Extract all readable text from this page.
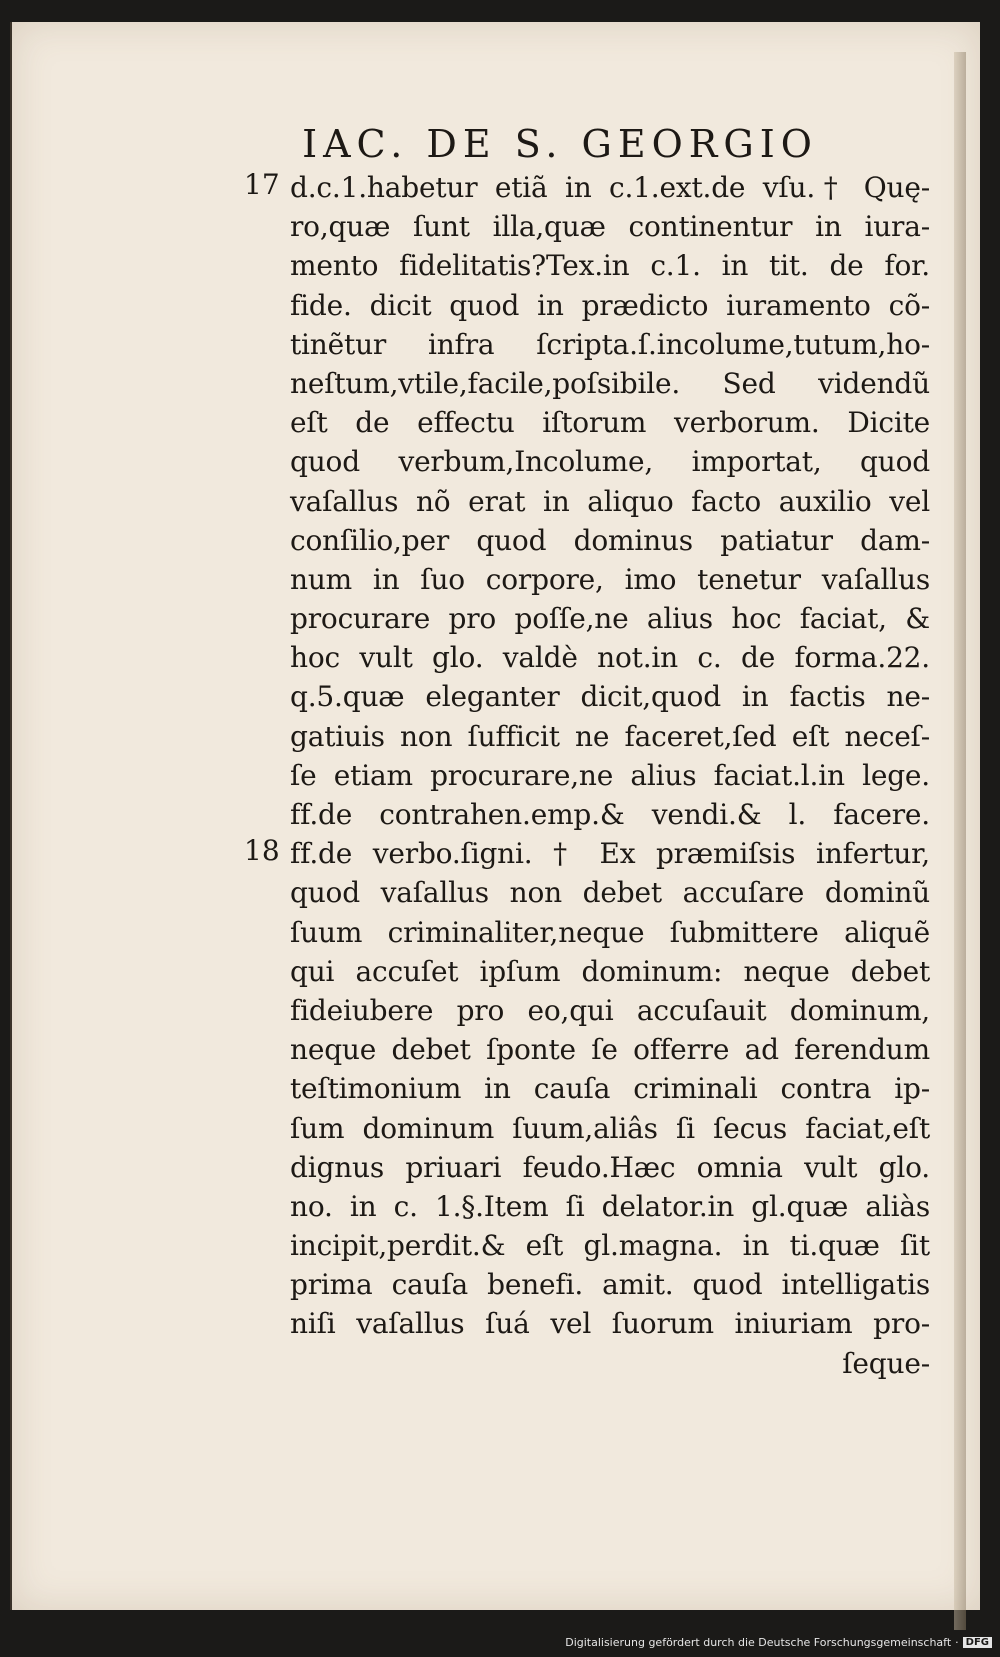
IAC. DE S. GEORGIO
17
18
d.c.1.habetur etiã in c.1.ext.de vſu.† Quę-
ro,quæ ſunt illa,quæ continentur in iura-
mento fidelitatis?Tex.in c.1. in tit. de for.
fide. dicit quod in prædicto iuramento cõ-
tinẽtur infra ſcripta.ſ.incolume,tutum,ho-
neſtum,vtile,facile,poſsibile. Sed videndũ
eſt de effectu iſtorum verborum. Dicite
quod verbum,Incolume, importat, quod
vaſallus nõ erat in aliquo facto auxilio vel
conſilio,per quod dominus patiatur dam-
num in ſuo corpore, imo tenetur vaſallus
procurare pro poſſe,ne alius hoc faciat, &
hoc vult glo. valdè not.in c. de forma.22.
q.5.quæ eleganter dicit,quod in factis ne-
gatiuis non ſufficit ne faceret,ſed eſt neceſ-
ſe etiam procurare,ne alius faciat.l.in lege.
ff.de contrahen.emp.& vendi.& l. facere.
ff.de verbo.ſigni. † Ex præmiſsis infertur,
quod vaſallus non debet accuſare dominũ
ſuum criminaliter,neque ſubmittere aliquẽ
qui accuſet ipſum dominum: neque debet
fideiubere pro eo,qui accuſauit dominum,
neque debet ſponte ſe offerre ad ferendum
teſtimonium in cauſa criminali contra ip-
ſum dominum ſuum,aliâs ſi ſecus faciat,eſt
dignus priuari feudo.Hæc omnia vult glo.
no. in c. 1.§.Item ſi delator.in gl.quæ aliàs
incipit,perdit.& eſt gl.magna. in ti.quæ ſit
prima cauſa benefi. amit. quod intelligatis
niſi vaſallus ſuá vel ſuorum iniuriam pro-
ſeque-
Digitalisierung gefördert durch die Deutsche Forschungsgemeinschaft · DFG
